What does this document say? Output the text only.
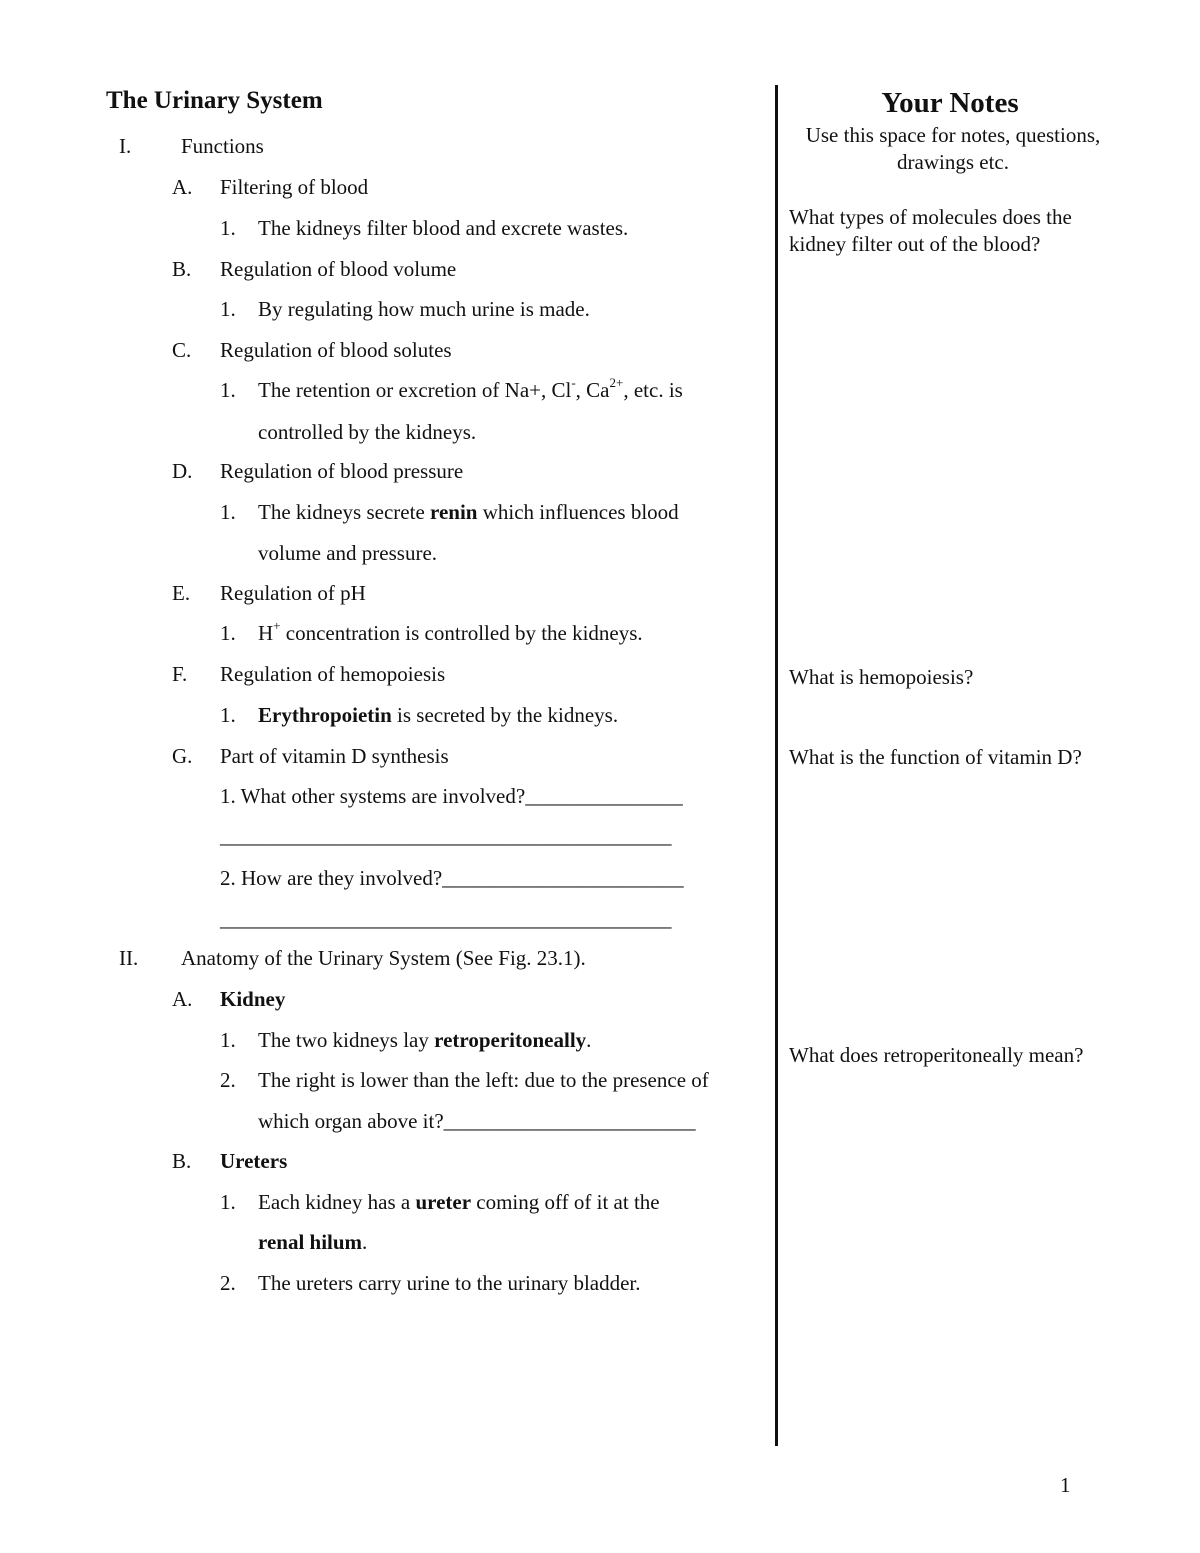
The Urinary System
I. Functions
A. Filtering of blood
1. The kidneys filter blood and excrete wastes.
B. Regulation of blood volume
1. By regulating how much urine is made.
C. Regulation of blood solutes
1. The retention or excretion of Na+, Cl-, $Ca^{2+}$, etc. is
controlled by the kidneys.
D. Regulation of blood pressure
1. The kidneys secrete renin which influences blood
volume and pressure.
E. Regulation of pH
1. H+ concentration is controlled by the kidneys.
F. Regulation of hemopoiesis
1. Erythropoietin is secreted by the kidneys.
G. Part of vitamin D synthesis
1. What other systems are involved?_______________
___________________________________________
2. How are they involved?_______________________
___________________________________________
II. Anatomy of the Urinary System (See Fig. 23.1).
A. Kidney
1. The two kidneys lay retroperitoneally.
2. The right is lower than the left: due to the presence of
which organ above it?________________________
B. Ureters
1. Each kidney has a ureter coming off of it at the
renal hilum.
2. The ureters carry urine to the urinary bladder.
Your Notes
Use this space for notes, questions,
drawings etc.
What types of molecules does the
kidney filter out of the blood?
What is hemopoiesis?
What is the function of vitamin D?
What does retroperitoneally mean?
1
